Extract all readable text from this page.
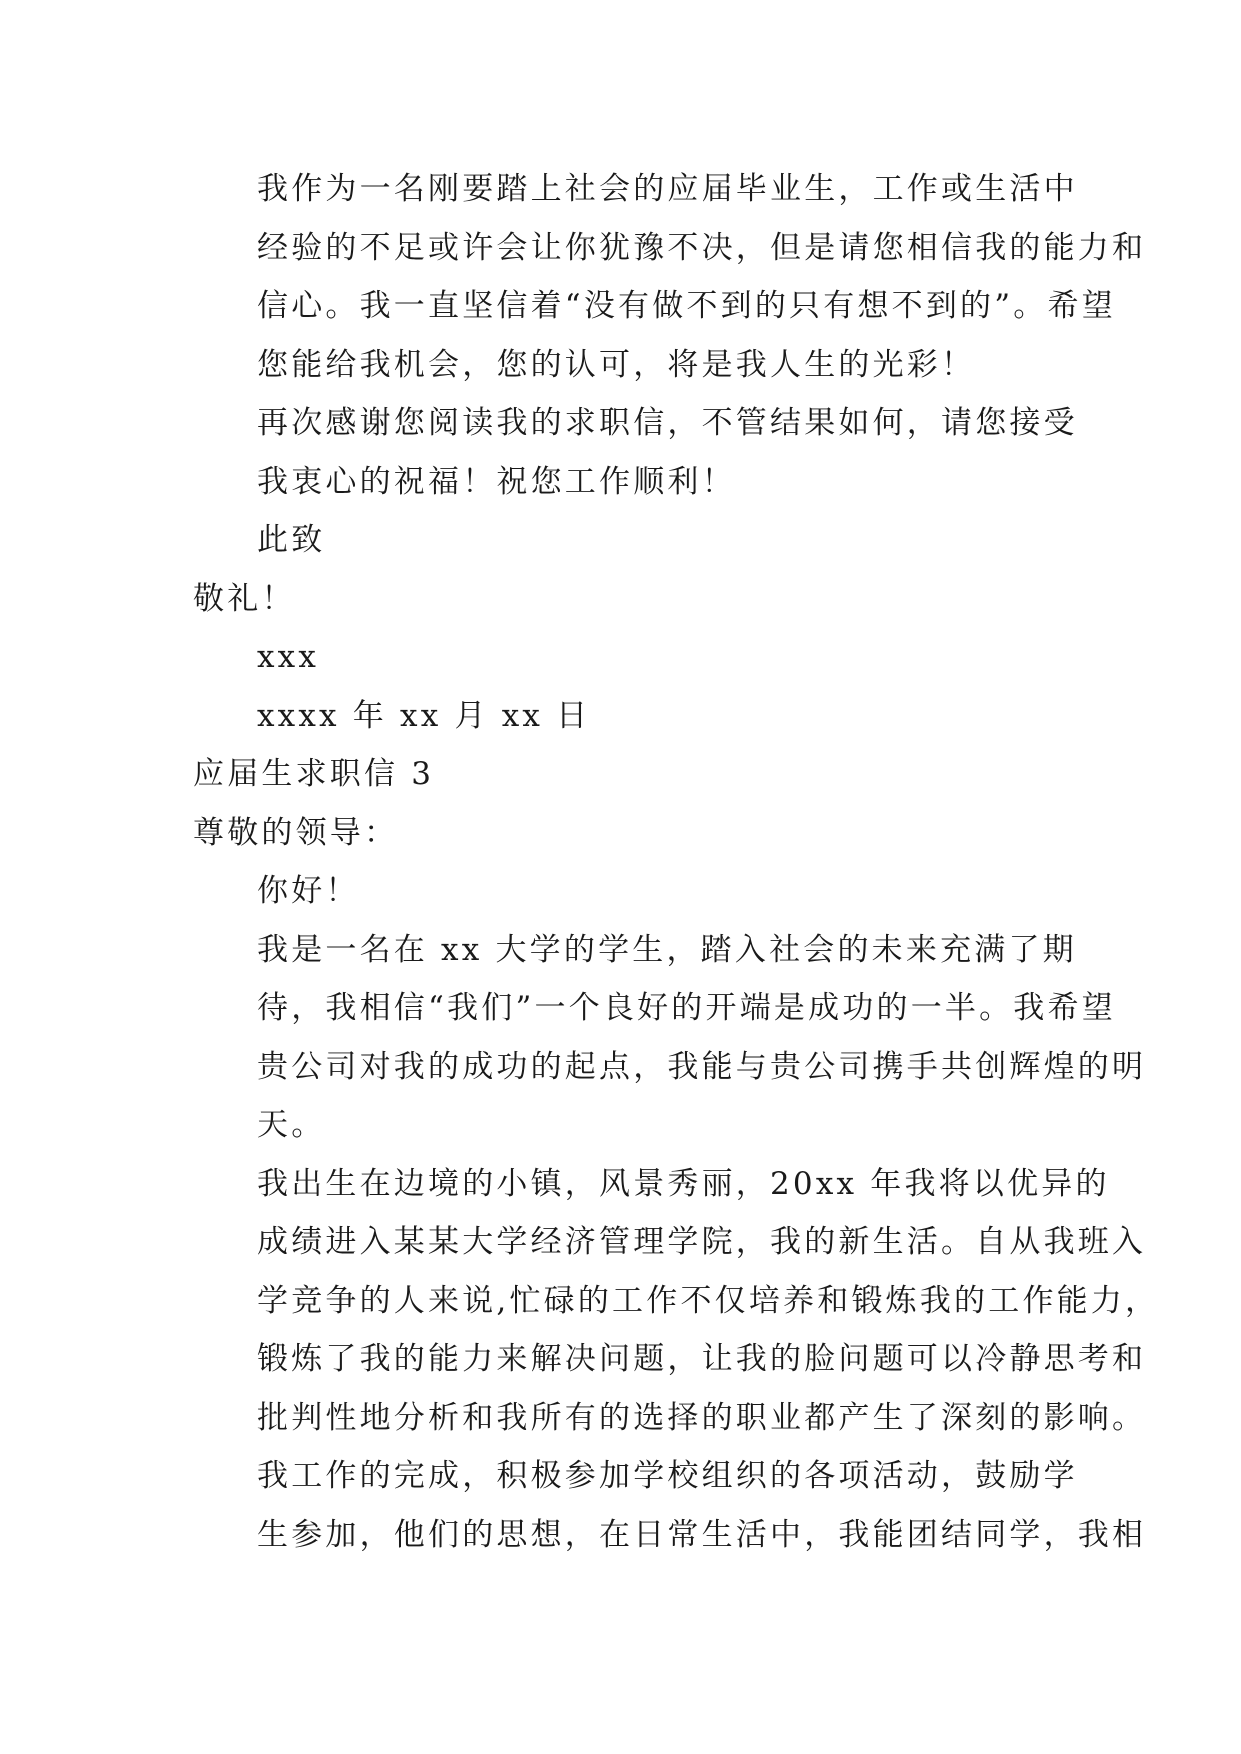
我作为一名刚要踏上社会的应届毕业生，工作或生活中
经验的不足或许会让你犹豫不决，但是请您相信我的能力和
信心。我一直坚信着“没有做不到的只有想不到的”。希望
您能给我机会，您的认可，将是我人生的光彩！
再次感谢您阅读我的求职信，不管结果如何，请您接受
我衷心的祝福！祝您工作顺利！
此致
敬礼！
xxx
xxxx 年 xx 月 xx 日
应届生求职信 3
尊敬的领导：
你好！
我是一名在 xx 大学的学生，踏入社会的未来充满了期
待，我相信“我们”一个良好的开端是成功的一半。我希望
贵公司对我的成功的起点，我能与贵公司携手共创辉煌的明
天。
我出生在边境的小镇，风景秀丽，20xx 年我将以优异的
成绩进入某某大学经济管理学院，我的新生活。自从我班入
学竞争的人来说,忙碌的工作不仅培养和锻炼我的工作能力，
锻炼了我的能力来解决问题，让我的脸问题可以冷静思考和
批判性地分析和我所有的选择的职业都产生了深刻的影响。
我工作的完成，积极参加学校组织的各项活动，鼓励学
生参加，他们的思想，在日常生活中，我能团结同学，我相
